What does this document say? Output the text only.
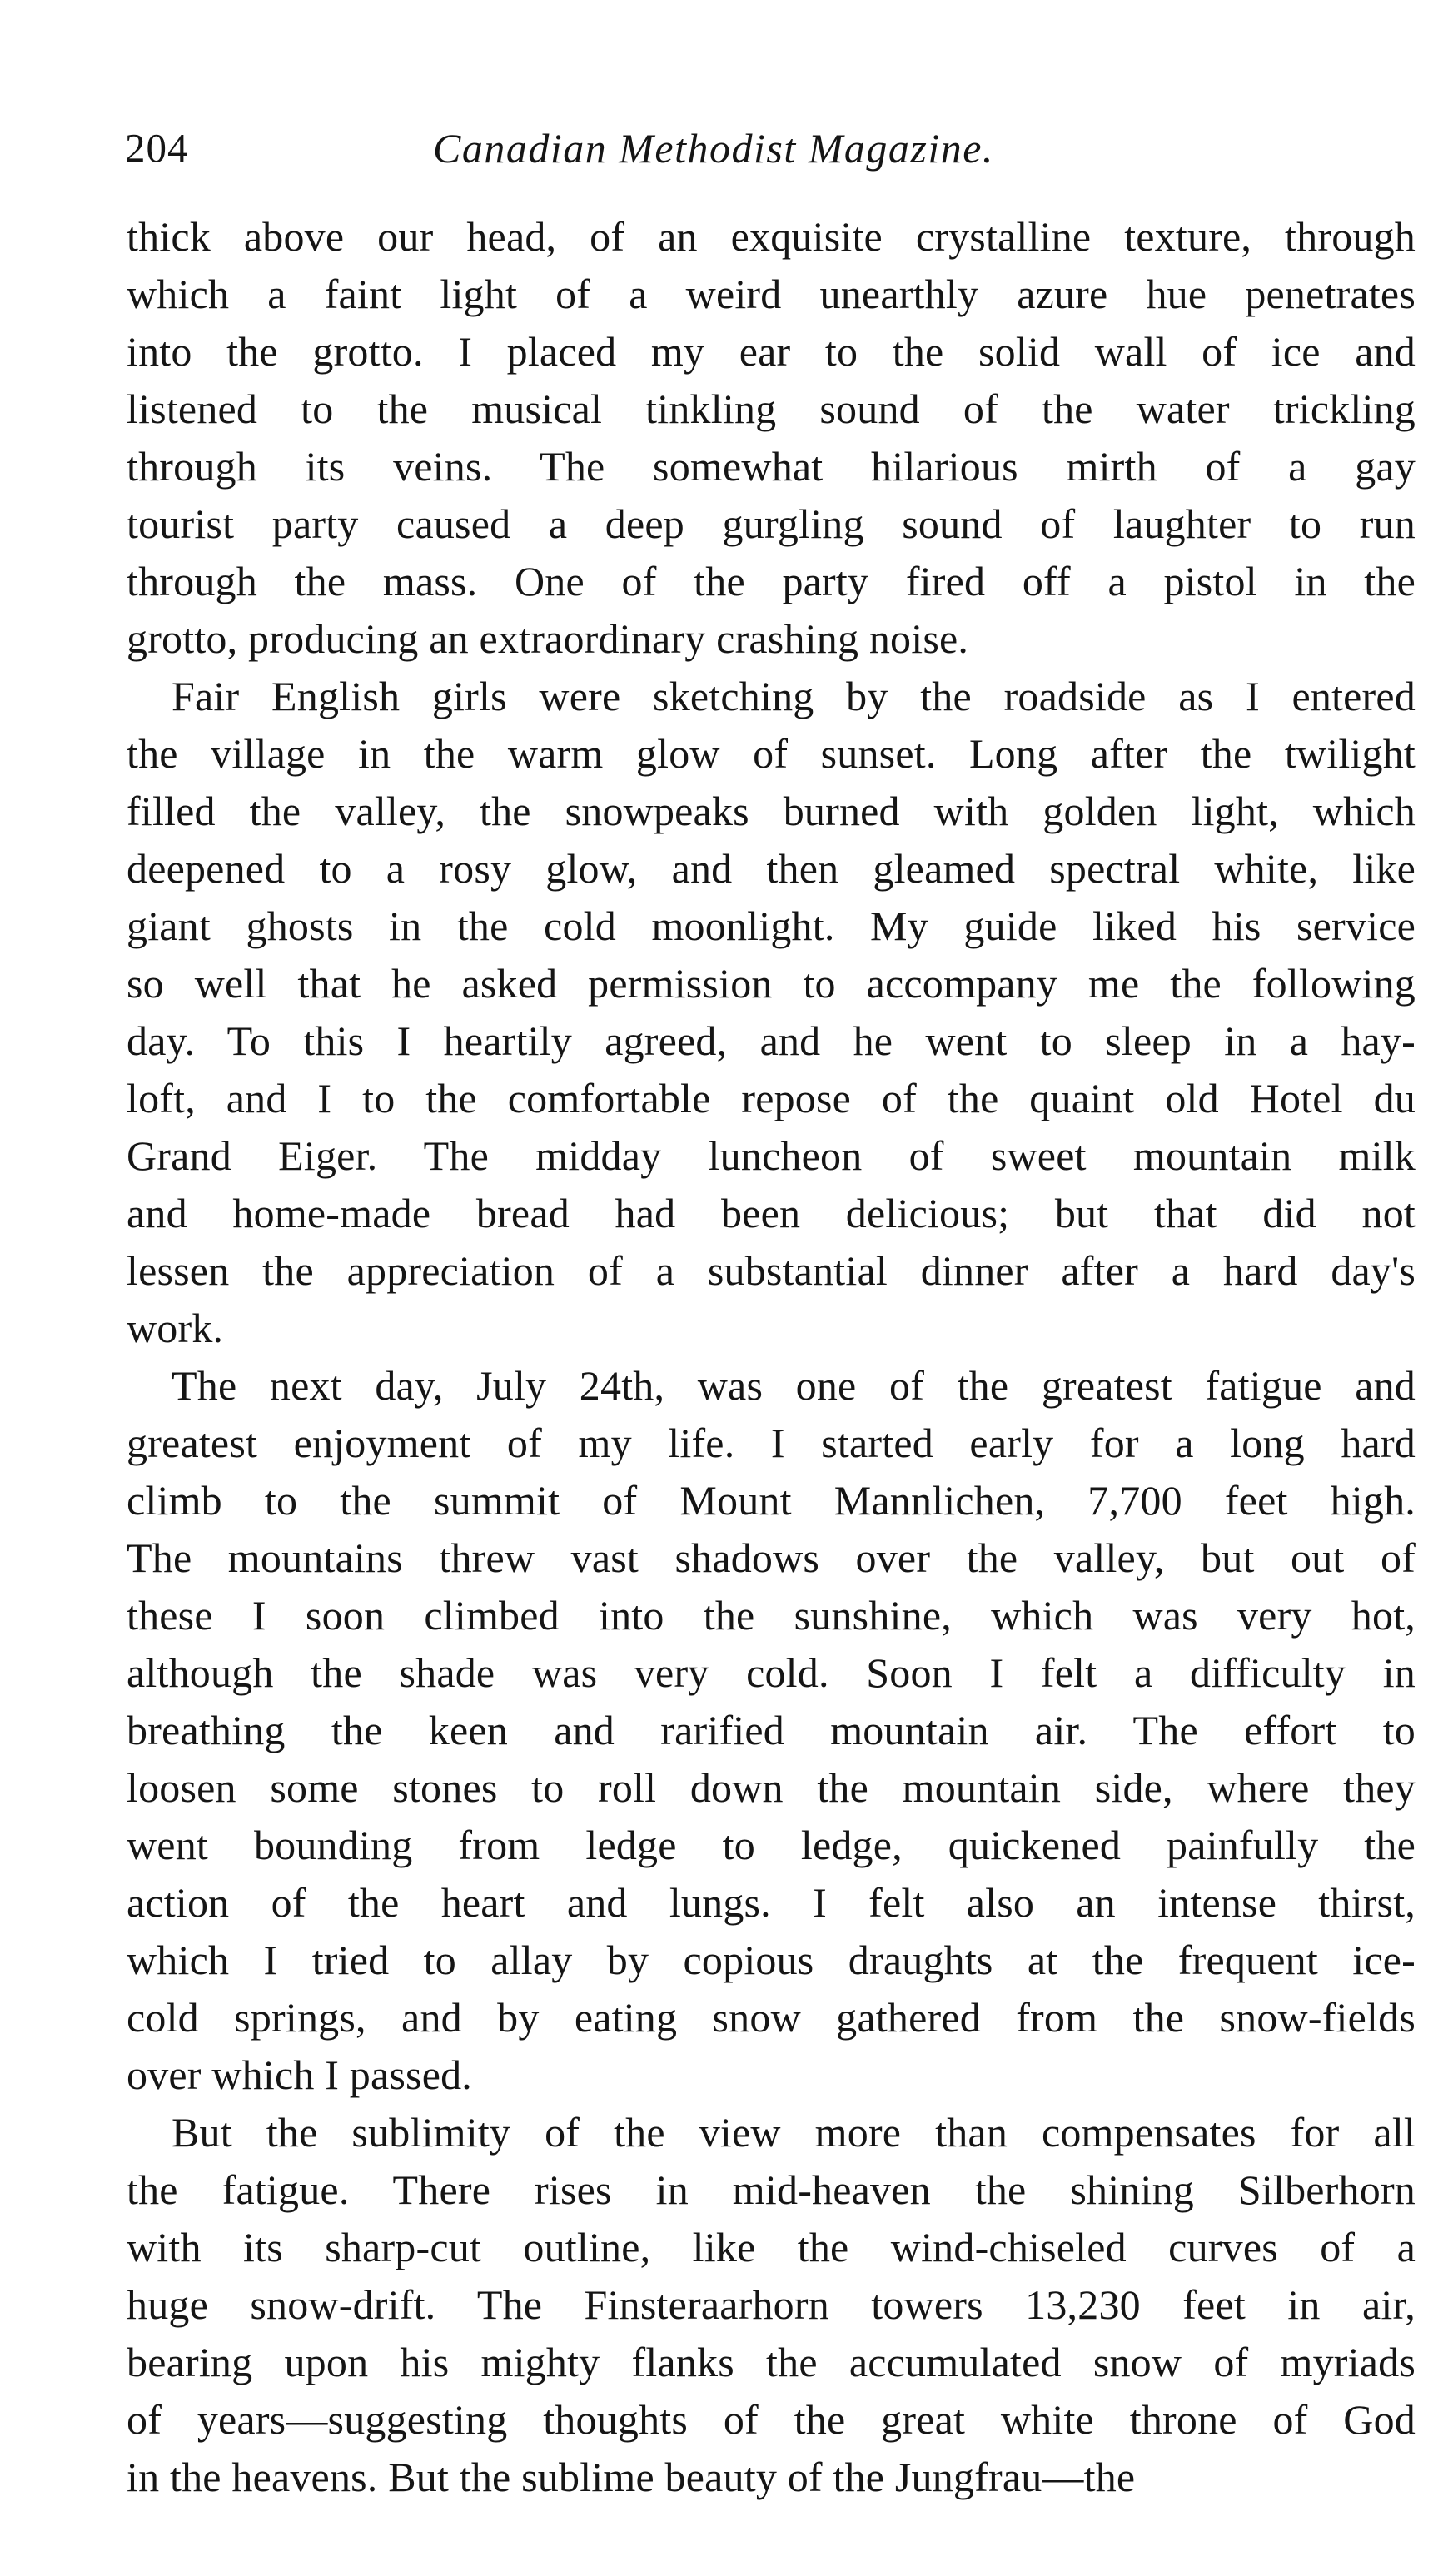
204	Canadian Methodist Magazine.
thick above our head, of an exquisite crystalline texture, through
which a faint light of a weird unearthly azure hue penetrates
into the grotto. I placed my ear to the solid wall of ice and
listened to the musical tinkling sound of the water trickling
through its veins. The somewhat hilarious mirth of a gay
tourist party caused a deep gurgling sound of laughter to run
through the mass. One of the party fired off a pistol in the
grotto, producing an extraordinary crashing noise.
Fair English girls were sketching by the roadside as I entered
the village in the warm glow of sunset. Long after the twilight
filled the valley, the snowpeaks burned with golden light, which
deepened to a rosy glow, and then gleamed spectral white, like
giant ghosts in the cold moonlight. My guide liked his service
so well that he asked permission to accompany me the following
day. To this I heartily agreed, and he went to sleep in a hay-
loft, and I to the comfortable repose of the quaint old Hotel du
Grand Eiger. The midday luncheon of sweet mountain milk
and home-made bread had been delicious; but that did not
lessen the appreciation of a substantial dinner after a hard day's
work.
The next day, July 24th, was one of the greatest fatigue and
greatest enjoyment of my life. I started early for a long hard
climb to the summit of Mount Mannlichen, 7,700 feet high.
The mountains threw vast shadows over the valley, but out of
these I soon climbed into the sunshine, which was very hot,
although the shade was very cold. Soon I felt a difficulty in
breathing the keen and rarified mountain air. The effort to
loosen some stones to roll down the mountain side, where they
went bounding from ledge to ledge, quickened painfully the
action of the heart and lungs. I felt also an intense thirst,
which I tried to allay by copious draughts at the frequent ice-
cold springs, and by eating snow gathered from the snow-fields
over which I passed.
But the sublimity of the view more than compensates for all
the fatigue. There rises in mid-heaven the shining Silberhorn
with its sharp-cut outline, like the wind-chiseled curves of a
huge snow-drift. The Finsteraarhorn towers 13,230 feet in air,
bearing upon his mighty flanks the accumulated snow of myriads
of years—suggesting thoughts of the great white throne of God
in the heavens. But the sublime beauty of the Jungfrau—the
